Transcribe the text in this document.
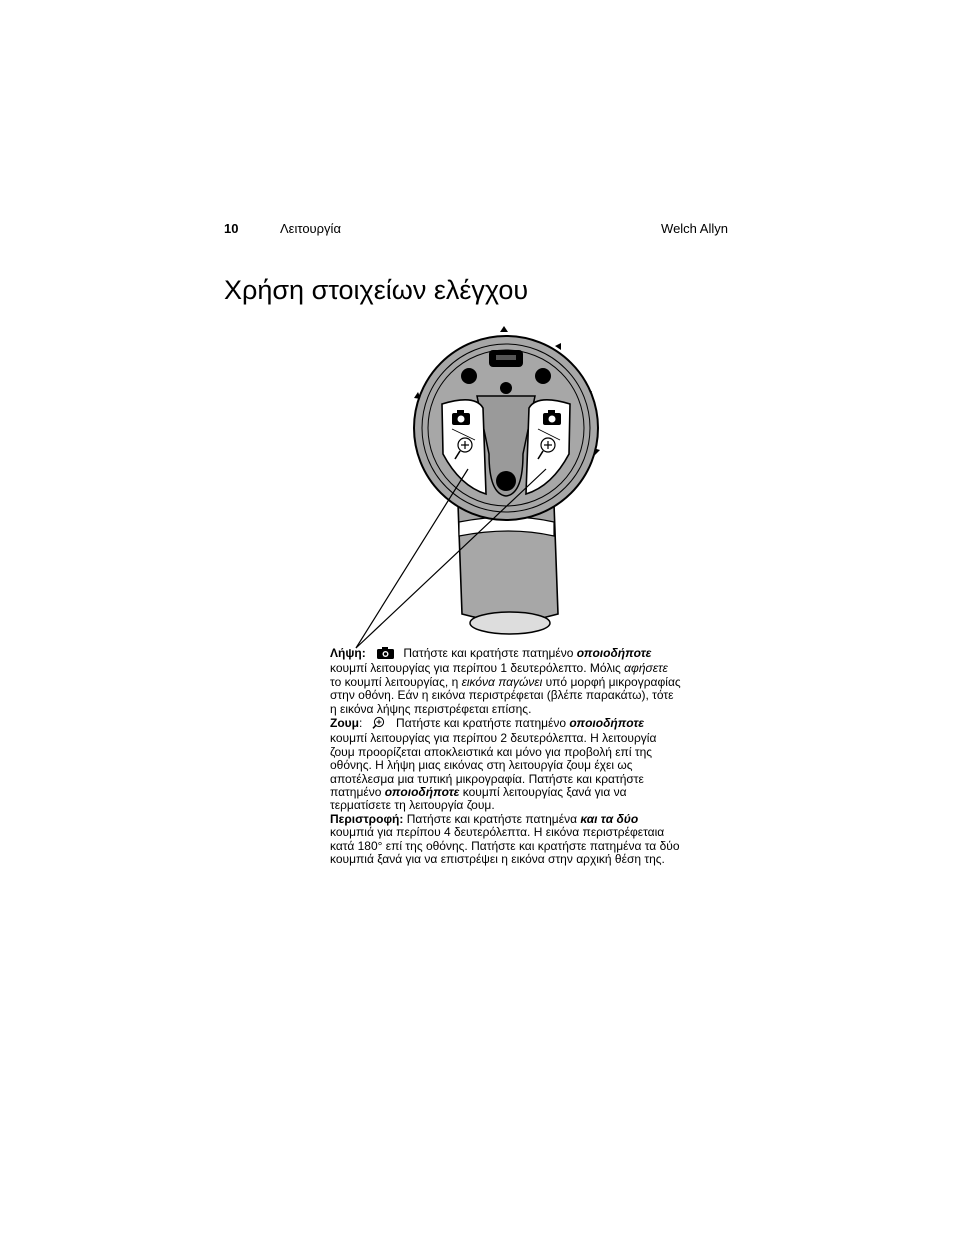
10	Λειτουργία	Welch Allyn
Χρήση στοιχείων ελέγχου

Λήψη:	Πατήστε και κρατήστε πατημένο οποιοδήποτε κουμπί λειτουργίας για περίπου 1 δευτερόλεπτο. Μόλις αφήσετε το κουμπί λειτουργίας, η εικόνα παγώνει υπό μορφή μικρογραφίας στην οθόνη. Εάν η εικόνα περιστρέφεται (βλέπε παρακάτω), τότε η εικόνα λήψης περιστρέφεται επίσης.

Ζουμ:	Πατήστε και κρατήστε πατημένο οποιοδήποτε κουμπί λειτουργίας για περίπου 2 δευτερόλεπτα. Η λειτουργία ζουμ προορίζεται αποκλειστικά και μόνο για προβολή επί της οθόνης. Η λήψη μιας εικόνας στη λειτουργία ζουμ έχει ως αποτέλεσμα μια τυπική μικρογραφία. Πατήστε και κρατήστε πατημένο οποιοδήποτε κουμπί λειτουργίας ξανά για να τερματίσετε τη λειτουργία ζουμ.

Περιστροφή: Πατήστε και κρατήστε πατημένα και τα δύο κουμπιά για περίπου 4 δευτερόλεπτα. Η εικόνα περιστρέφεταια κατά 180° επί της οθόνης. Πατήστε και κρατήστε πατημένα τα δύο κουμπιά ξανά για να επιστρέψει η εικόνα στην αρχική θέση της.
